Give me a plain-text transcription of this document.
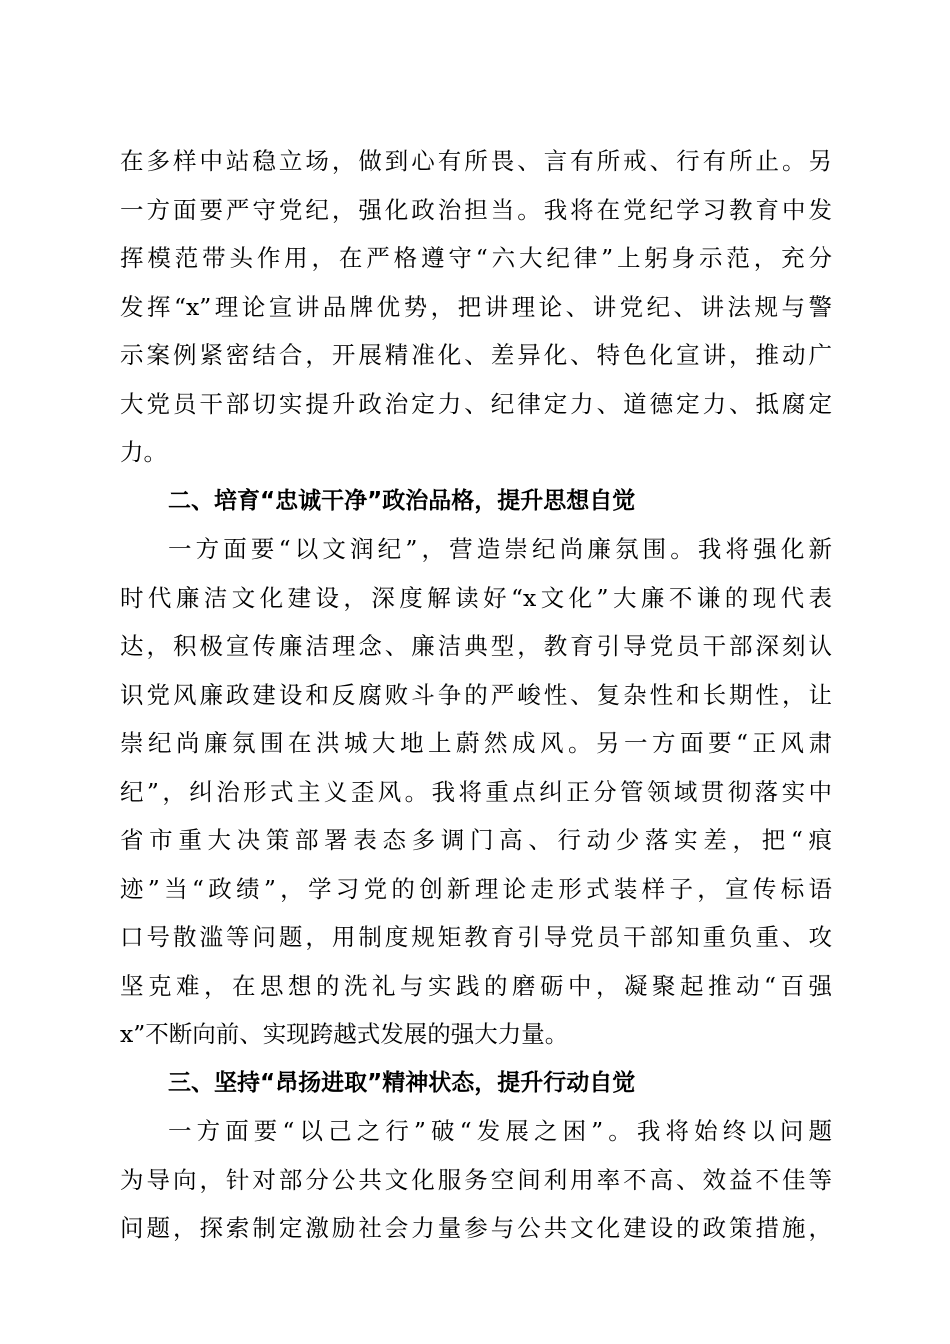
在多样中站稳立场，做到心有所畏、言有所戒、行有所止。另
一方面要严守党纪，强化政治担当。我将在党纪学习教育中发
挥模范带头作用，在严格遵守“六大纪律”上躬身示范，充分
发挥“x”理论宣讲品牌优势，把讲理论、讲党纪、讲法规与警
示案例紧密结合，开展精准化、差异化、特色化宣讲，推动广
大党员干部切实提升政治定力、纪律定力、道德定力、抵腐定
力。
二、培育“忠诚干净”政治品格，提升思想自觉
一方面要“以文润纪”，营造崇纪尚廉氛围。我将强化新
时代廉洁文化建设，深度解读好“x文化”大廉不谦的现代表
达，积极宣传廉洁理念、廉洁典型，教育引导党员干部深刻认
识党风廉政建设和反腐败斗争的严峻性、复杂性和长期性，让
崇纪尚廉氛围在洪城大地上蔚然成风。另一方面要“正风肃
纪”，纠治形式主义歪风。我将重点纠正分管领域贯彻落实中
省市重大决策部署表态多调门高、行动少落实差，把“痕
迹”当“政绩”，学习党的创新理论走形式装样子，宣传标语
口号散滥等问题，用制度规矩教育引导党员干部知重负重、攻
坚克难，在思想的洗礼与实践的磨砺中，凝聚起推动“百强
x”不断向前、实现跨越式发展的强大力量。
三、坚持“昂扬进取”精神状态，提升行动自觉
一方面要“以己之行”破“发展之困”。我将始终以问题
为导向，针对部分公共文化服务空间利用率不高、效益不佳等
问题，探索制定激励社会力量参与公共文化建设的政策措施，
